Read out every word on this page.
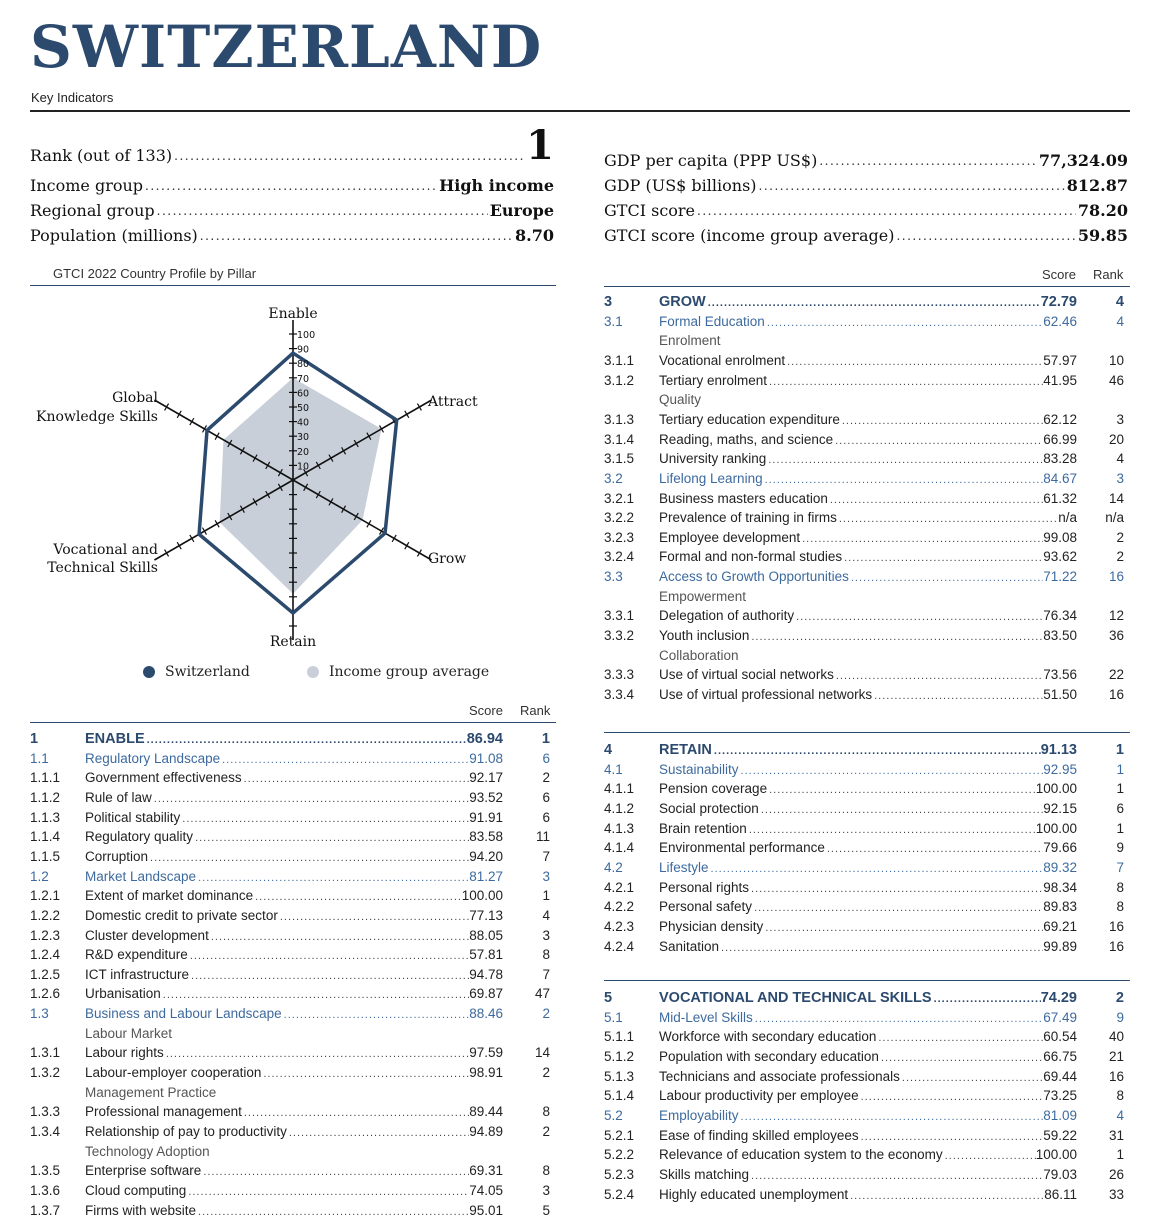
SWITZERLAND
Key Indicators
Rank (out of 133) .....	1
Income group .....	High income
Regional group .....	Europe
Population (millions) .....	8.70
GDP per capita (PPP US$) .....	77,324.09
GDP (US$ billions) .....	812.87
GTCI score .....	78.20
GTCI score (income group average) .....	59.85
GTCI 2022 Country Profile by Pillar
10
20
30
40
50
60
70
80
90
100
Enable
Attract
Grow
Retain
Vocational and
Technical Skills
Global
Knowledge Skills
Switzerland	Income group average
Score Rank
Score Rank
1	ENABLE .....	86.94	1
1.1	Regulatory Landscape .....	91.08	6
1.1.1 Government effectiveness .....	92.17	2
1.1.2 Rule of law .....	93.52	6
1.1.3 Political stability .....	91.91	6
1.1.4 Regulatory quality .....	83.58	11
1.1.5 Corruption .....	94.20	7
1.2	Market Landscape .....	81.27	3
1.2.1 Extent of market dominance .....	100.00	1
1.2.2 Domestic credit to private sector .....	77.13	4
1.2.3 Cluster development .....	88.05	3
1.2.4 R&D expenditure .....	57.81	8
1.2.5 ICT infrastructure .....	94.78	7
1.2.6 Urbanisation .....	69.87	47
1.3	Business and Labour Landscape .....	88.46	2
Labour Market
1.3.1 Labour rights .....	97.59	14
1.3.2 Labour-employer cooperation .....	98.91	2
Management Practice
1.3.3 Professional management .....	89.44	8
1.3.4 Relationship of pay to productivity .....	94.89	2
Technology Adoption
1.3.5 Enterprise software .....	69.31	8
1.3.6 Cloud computing .....	74.05	3
1.3.7 Firms with website .....	95.01	5
3	GROW .....	72.79	4
3.1	Formal Education .....	62.46	4
Enrolment
3.1.1 Vocational enrolment .....	57.97	10
3.1.2 Tertiary enrolment .....	41.95	46
Quality
3.1.3 Tertiary education expenditure .....	62.12	3
3.1.4 Reading, maths, and science .....	66.99	20
3.1.5 University ranking .....	83.28	4
3.2	Lifelong Learning .....	84.67	3
3.2.1 Business masters education .....	61.32	14
3.2.2 Prevalence of training in firms .....	n/a	n/a
3.2.3 Employee development .....	99.08	2
3.2.4 Formal and non-formal studies .....	93.62	2
3.3	Access to Growth Opportunities .....	71.22	16
Empowerment
3.3.1 Delegation of authority .....	76.34	12
3.3.2 Youth inclusion .....	83.50	36
Collaboration
3.3.3 Use of virtual social networks .....	73.56	22
3.3.4 Use of virtual professional networks .....	51.50	16
4	RETAIN .....	91.13	1
4.1	Sustainability .....	92.95	1
4.1.1 Pension coverage .....	100.00	1
4.1.2 Social protection .....	92.15	6
4.1.3 Brain retention .....	100.00	1
4.1.4 Environmental performance .....	79.66	9
4.2	Lifestyle .....	89.32	7
4.2.1 Personal rights .....	98.34	8
4.2.2 Personal safety .....	89.83	8
4.2.3 Physician density .....	69.21	16
4.2.4 Sanitation .....	99.89	16
5	VOCATIONAL AND TECHNICAL SKILLS .....	74.29	2
5.1	Mid-Level Skills .....	67.49	9
5.1.1 Workforce with secondary education .....	60.54	40
5.1.2 Population with secondary education .....	66.75	21
5.1.3 Technicians and associate professionals .....	69.44	16
5.1.4 Labour productivity per employee .....	73.25	8
5.2	Employability .....	81.09	4
5.2.1 Ease of finding skilled employees .....	59.22	31
5.2.2 Relevance of education system to the economy .....	100.00	1
5.2.3 Skills matching .....	79.03	26
5.2.4 Highly educated unemployment .....	86.11	33
